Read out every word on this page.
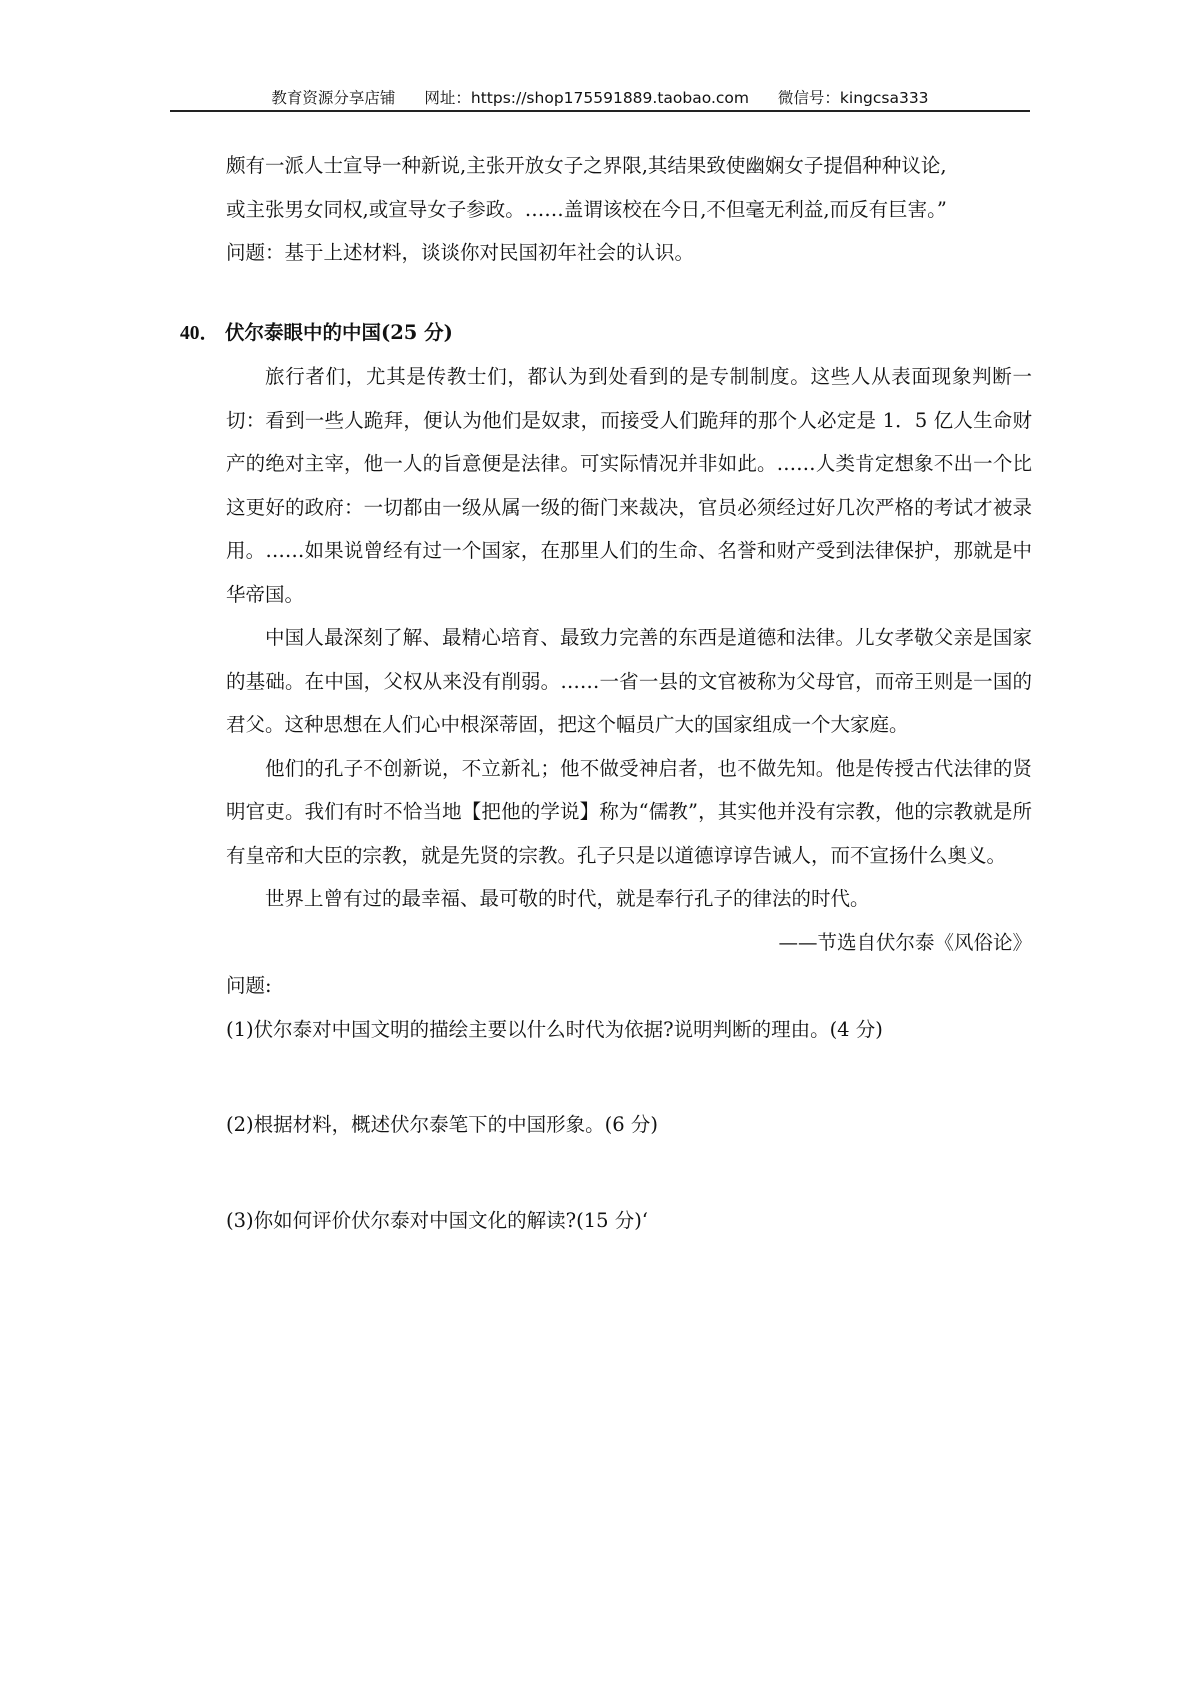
教育资源分享店铺 网址：https://shop175591889.taobao.com 微信号：kingcsa333

颇有一派人士宣导一种新说,主张开放女子之界限,其结果致使幽娴女子提倡种种议论,

或主张男女同权,或宣导女子参政。……盖谓该校在今日,不但毫无利益,而反有巨害。”

问题：基于上述材料，谈谈你对民国初年社会的认识。

40． 伏尔泰眼中的中国(25 分)

旅行者们，尤其是传教士们，都认为到处看到的是专制制度。这些人从表面现象判断一切：看到一些人跪拜，便认为他们是奴隶，而接受人们跪拜的那个人必定是 1．5 亿人生命财产的绝对主宰，他一人的旨意便是法律。可实际情况并非如此。……人类肯定想象不出一个比这更好的政府：一切都由一级从属一级的衙门来裁决，官员必须经过好几次严格的考试才被录用。……如果说曾经有过一个国家，在那里人们的生命、名誉和财产受到法律保护，那就是中华帝国。

中国人最深刻了解、最精心培育、最致力完善的东西是道德和法律。儿女孝敬父亲是国家的基础。在中国，父权从来没有削弱。……一省一县的文官被称为父母官，而帝王则是一国的君父。这种思想在人们心中根深蒂固，把这个幅员广大的国家组成一个大家庭。

他们的孔子不创新说，不立新礼；他不做受神启者，也不做先知。他是传授古代法律的贤明官吏。我们有时不恰当地【把他的学说】称为“儒教”，其实他并没有宗教，他的宗教就是所有皇帝和大臣的宗教，就是先贤的宗教。孔子只是以道德谆谆告诫人，而不宣扬什么奥义。

世界上曾有过的最幸福、最可敬的时代，就是奉行孔子的律法的时代。

——节选自伏尔泰《风俗论》

问题:

(1)伏尔泰对中国文明的描绘主要以什么时代为依据?说明判断的理由。(4 分)

(2)根据材料，概述伏尔泰笔下的中国形象。(6 分)

(3)你如何评价伏尔泰对中国文化的解读?(15 分)‘
